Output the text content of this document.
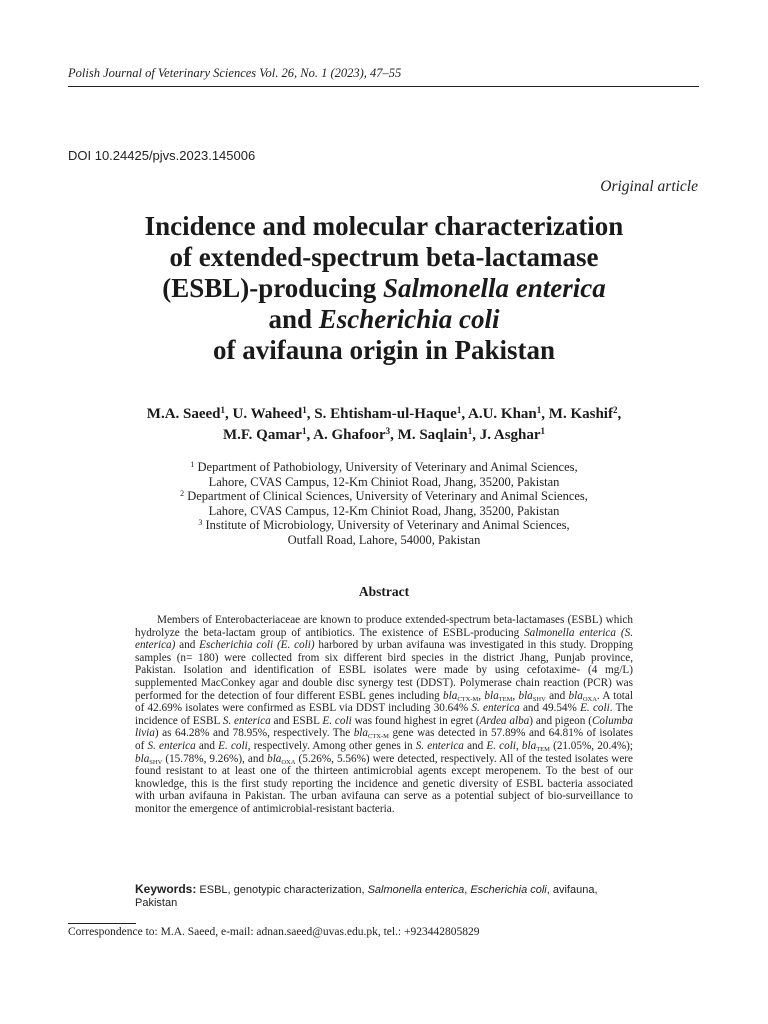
Polish Journal of Veterinary Sciences Vol. 26, No. 1 (2023), 47–55
DOI 10.24425/pjvs.2023.145006
Original article
Incidence and molecular characterization
of extended-spectrum beta-lactamase
(ESBL)-producing Salmonella enterica
and Escherichia coli
of avifauna origin in Pakistan
M.A. Saeed$^1$, U. Waheed$^1$, S. Ehtisham-ul-Haque$^1$, A.U. Khan$^1$, M. Kashif$^2$,
M.F. Qamar$^1$, A. Ghafoor$^3$, M. Saqlain$^1$, J. Asghar$^1$
$^1$ Department of Pathobiology, University of Veterinary and Animal Sciences,
Lahore, CVAS Campus, 12-Km Chiniot Road, Jhang, 35200, Pakistan
$^2$ Department of Clinical Sciences, University of Veterinary and Animal Sciences,
Lahore, CVAS Campus, 12-Km Chiniot Road, Jhang, 35200, Pakistan
$^3$ Institute of Microbiology, University of Veterinary and Animal Sciences,
Outfall Road, Lahore, 54000, Pakistan
Abstract

Members of Enterobacteriaceae are known to produce extended-spectrum beta-lactamases (ESBL) which hydrolyze the beta-lactam group of antibiotics. The existence of ESBL-producing Salmonella enterica (S. enterica) and Escherichia coli (E. coli) harbored by urban avifauna was investigated in this study. Dropping samples (n= 180) were collected from six different bird species in the district Jhang, Punjab province, Pakistan. Isolation and identification of ESBL isolates were made by using cefotaxime- (4 mg/L) supplemented MacConkey agar and double disc synergy test (DDST). Polymerase chain reaction (PCR) was performed for the detection of four different ESBL genes including bla$_{CTX-M}$, bla$_{TEM}$, bla$_{SHV}$ and bla$_{OXA}$. A total of 42.69% isolates were confirmed as ESBL via DDST including 30.64% S. enterica and 49.54% E. coli. The incidence of ESBL S. enterica and ESBL E. coli was found highest in egret (Ardea alba) and pigeon (Columba livia) as 64.28% and 78.95%, respectively. The bla$_{CTX-M}$ gene was detected in 57.89% and 64.81% of isolates of S. enterica and E. coli, respectively. Among other genes in S. enterica and E. coli, bla$_{TEM}$ (21.05%, 20.4%); bla$_{SHV}$ (15.78%, 9.26%), and bla$_{OXA}$ (5.26%, 5.56%) were detected, respectively. All of the tested isolates were found resistant to at least one of the thirteen antimicrobial agents except meropenem. To the best of our knowledge, this is the first study reporting the incidence and genetic diversity of ESBL bacteria associated with urban avifauna in Pakistan. The urban avifauna can serve as a potential subject of bio-surveillance to monitor the emergence of antimicrobial-resistant bacteria.

Keywords: ESBL, genotypic characterization, Salmonella enterica, Escherichia coli, avifauna, Pakistan
Correspondence to: M.A. Saeed, e-mail: adnan.saeed@uvas.edu.pk, tel.: +923442805829
